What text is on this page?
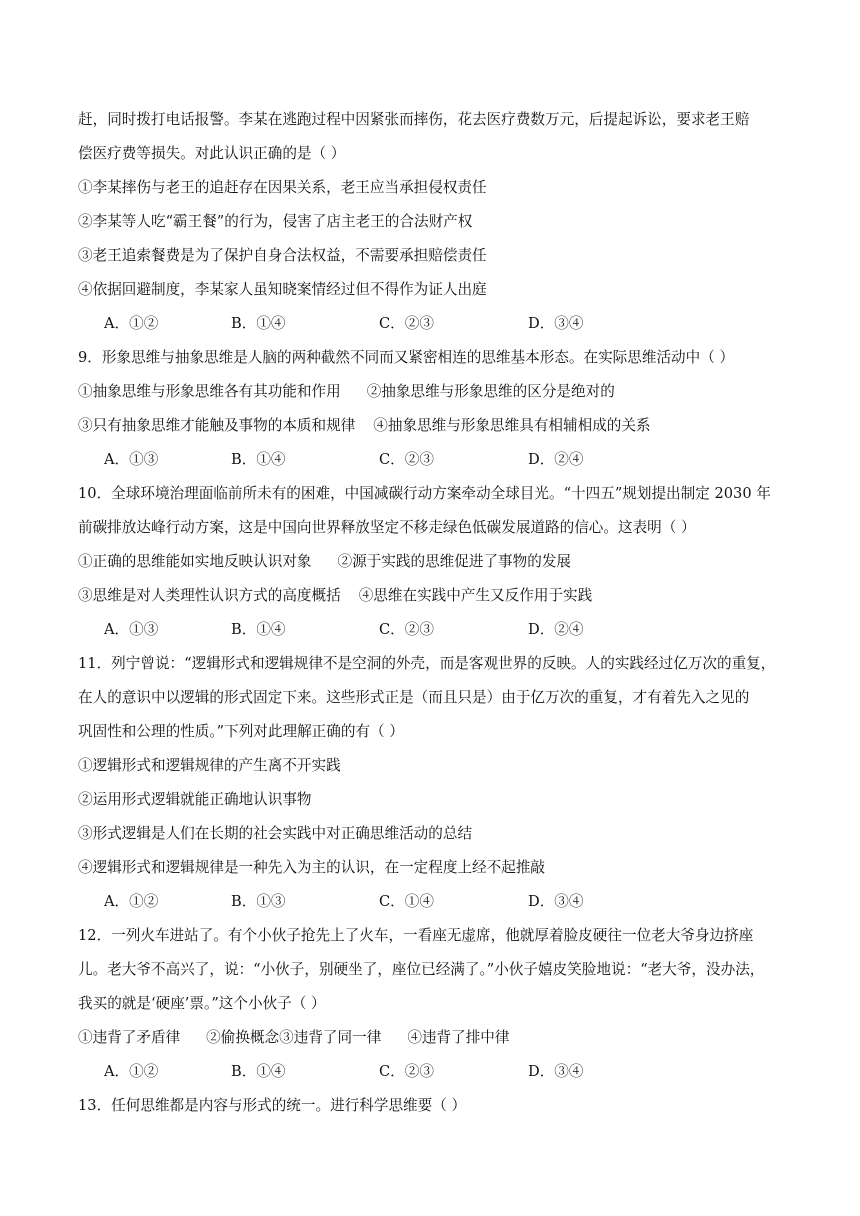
赶，同时拨打电话报警。李某在逃跑过程中因紧张而摔伤，花去医疗费数万元，后提起诉讼，要求老王赔
偿医疗费等损失。对此认识正确的是（ ）
①李某摔伤与老王的追赶存在因果关系，老王应当承担侵权责任
②李某等人吃“霸王餐”的行为，侵害了店主老王的合法财产权
③老王追索餐费是为了保护自身合法权益，不需要承担赔偿责任
④依据回避制度，李某家人虽知晓案情经过但不得作为证人出庭
A．①②	B．①④	C．②③	D．③④
9．形象思维与抽象思维是人脑的两种截然不同而又紧密相连的思维基本形态。在实际思维活动中（ ）
①抽象思维与形象思维各有其功能和作用 ②抽象思维与形象思维的区分是绝对的
③只有抽象思维才能触及事物的本质和规律 ④抽象思维与形象思维具有相辅相成的关系
A．①③	B．①④	C．②③	D．②④
10．全球环境治理面临前所未有的困难，中国减碳行动方案牵动全球目光。“十四五”规划提出制定 2030 年
前碳排放达峰行动方案，这是中国向世界释放坚定不移走绿色低碳发展道路的信心。这表明（ ）
①正确的思维能如实地反映认识对象 ②源于实践的思维促进了事物的发展
③思维是对人类理性认识方式的高度概括 ④思维在实践中产生又反作用于实践
A．①③	B．①④	C．②③	D．②④
11．列宁曾说：“逻辑形式和逻辑规律不是空洞的外壳，而是客观世界的反映。人的实践经过亿万次的重复，
在人的意识中以逻辑的形式固定下来。这些形式正是（而且只是）由于亿万次的重复，才有着先入之见的
巩固性和公理的性质。”下列对此理解正确的有（ ）
①逻辑形式和逻辑规律的产生离不开实践
②运用形式逻辑就能正确地认识事物
③形式逻辑是人们在长期的社会实践中对正确思维活动的总结
④逻辑形式和逻辑规律是一种先入为主的认识，在一定程度上经不起推敲
A．①②	B．①③	C．①④	D．③④
12．一列火车进站了。有个小伙子抢先上了火车，一看座无虚席，他就厚着脸皮硬往一位老大爷身边挤座
儿。老大爷不高兴了，说：“小伙子，别硬坐了，座位已经满了。”小伙子嬉皮笑脸地说：“老大爷，没办法，
我买的就是‘硬座’票。”这个小伙子（ ）
①违背了矛盾律 ②偷换概念③违背了同一律 ④违背了排中律
A．①②	B．①④	C．②③	D．③④
13．任何思维都是内容与形式的统一。进行科学思维要（ ）
